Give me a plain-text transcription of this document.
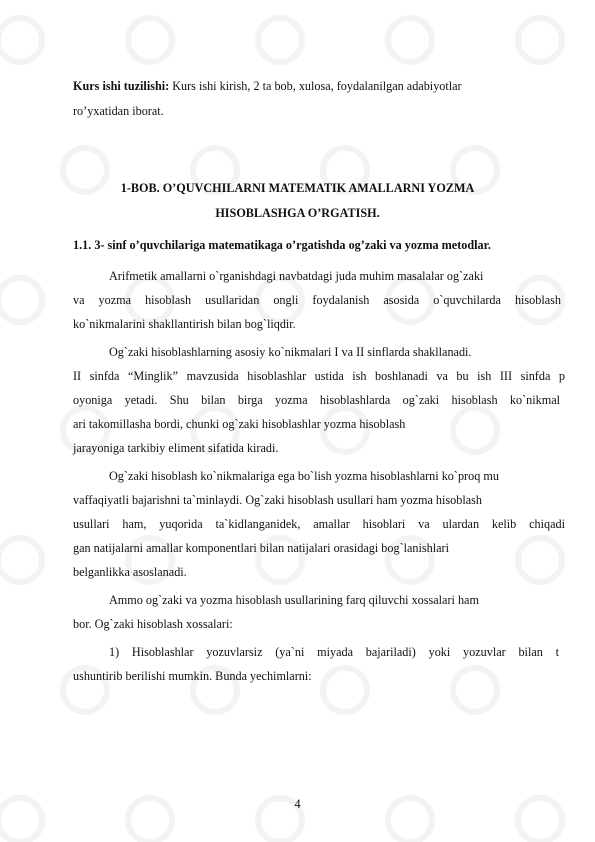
Kurs ishi tuzilishi: Kurs ishi kirish, 2 ta bob, xulosa, foydalanilgan adabiyotlar
ro’yxatidan iborat.
1-BOB. O’QUVCHILARNI MATEMATIK AMALLARNI YOZMA
HISOBLASHGA O’RGATISH.
1.1. 3- sinf o’quvchilariga matematikaga o’rgatishda og’zaki va yozma metodlar.
Arifmetik amallarni o`rganishdagi navbatdagi juda muhim masalalar og`zaki
va yozma hisoblash usullaridan ongli foydalanish asosida o`quvchilarda hisoblash
ko`nikmalarini shakllantirish bilan bog`liqdir.
Og`zaki hisoblashlarning asosiy ko`nikmalari I va II sinflarda shakllanadi.
II sinfda “Minglik” mavzusida hisoblashlar ustida ish boshlanadi va bu ish III sinfda p
oyoniga yetadi. Shu bilan birga yozma hisoblashlarda og`zaki hisoblash ko`nikmal
ari takomillasha bordi, chunki og`zaki hisoblashlar yozma hisoblash
jarayoniga tarkibiy eliment sifatida kiradi.
Og`zaki hisoblash ko`nikmalariga ega bo`lish yozma hisoblashlarni ko`proq mu
vaffaqiyatli bajarishni ta`minlaydi. Og`zaki hisoblash usullari ham yozma hisoblash
usullari ham, yuqorida ta`kidlanganidek, amallar hisoblari va ulardan kelib chiqadi
gan natijalarni amallar komponentlari bilan natijalari orasidagi bog`lanishlari
belganlikka asoslanadi.
Ammo og`zaki va yozma hisoblash usullarining farq qiluvchi xossalari ham
bor. Og`zaki hisoblash xossalari:
1) Hisoblashlar yozuvlarsiz (ya`ni miyada bajariladi) yoki yozuvlar bilan t
ushuntirib berilishi mumkin. Bunda yechimlarni:
4
